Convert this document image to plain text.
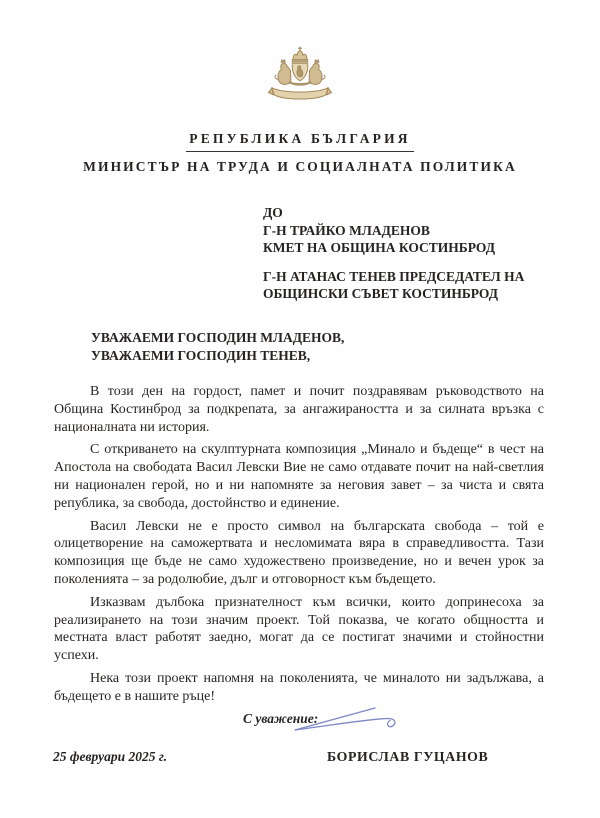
РЕПУБЛИКА БЪЛГАРИЯ
МИНИСТЪР НА ТРУДА И СОЦИАЛНАТА ПОЛИТИКА
ДО
Г-Н ТРАЙКО МЛАДЕНОВ
КМЕТ НА ОБЩИНА КОСТИНБРОД
Г-Н АТАНАС ТЕНЕВ ПРЕДСЕДАТЕЛ НА
ОБЩИНСКИ СЪВЕТ КОСТИНБРОД
УВАЖАЕМИ ГОСПОДИН МЛАДЕНОВ,
УВАЖАЕМИ ГОСПОДИН ТЕНЕВ,

В този ден на гордост, памет и почит поздравявам ръководството на Община Костинброд за подкрепата, за ангажираността и за силната връзка с националната ни история.

С откриването на скулптурната композиция „Минало и бъдеще“ в чест на Апостола на свободата Васил Левски Вие не само отдавате почит на най-светлия ни национален герой, но и ни напомняте за неговия завет – за чиста и свята република, за свобода, достойнство и единение.

Васил Левски не е просто символ на българската свобода – той е олицетворение на саможертвата и несломимата вяра в справедливостта. Тази композиция ще бъде не само художествено произведение, но и вечен урок за поколенията – за родолюбие, дълг и отговорност към бъдещето.

Изказвам дълбока признателност към всички, които допринесоха за реализирането на този значим проект. Той показва, че когато общността и местната власт работят заедно, могат да се постигат значими и стойностни успехи.

Нека този проект напомня на поколенията, че миналото ни задължава, а бъдещето е в нашите ръце!

С уважение:
25 февруари 2025 г.	БОРИСЛАВ ГУЦАНОВ
